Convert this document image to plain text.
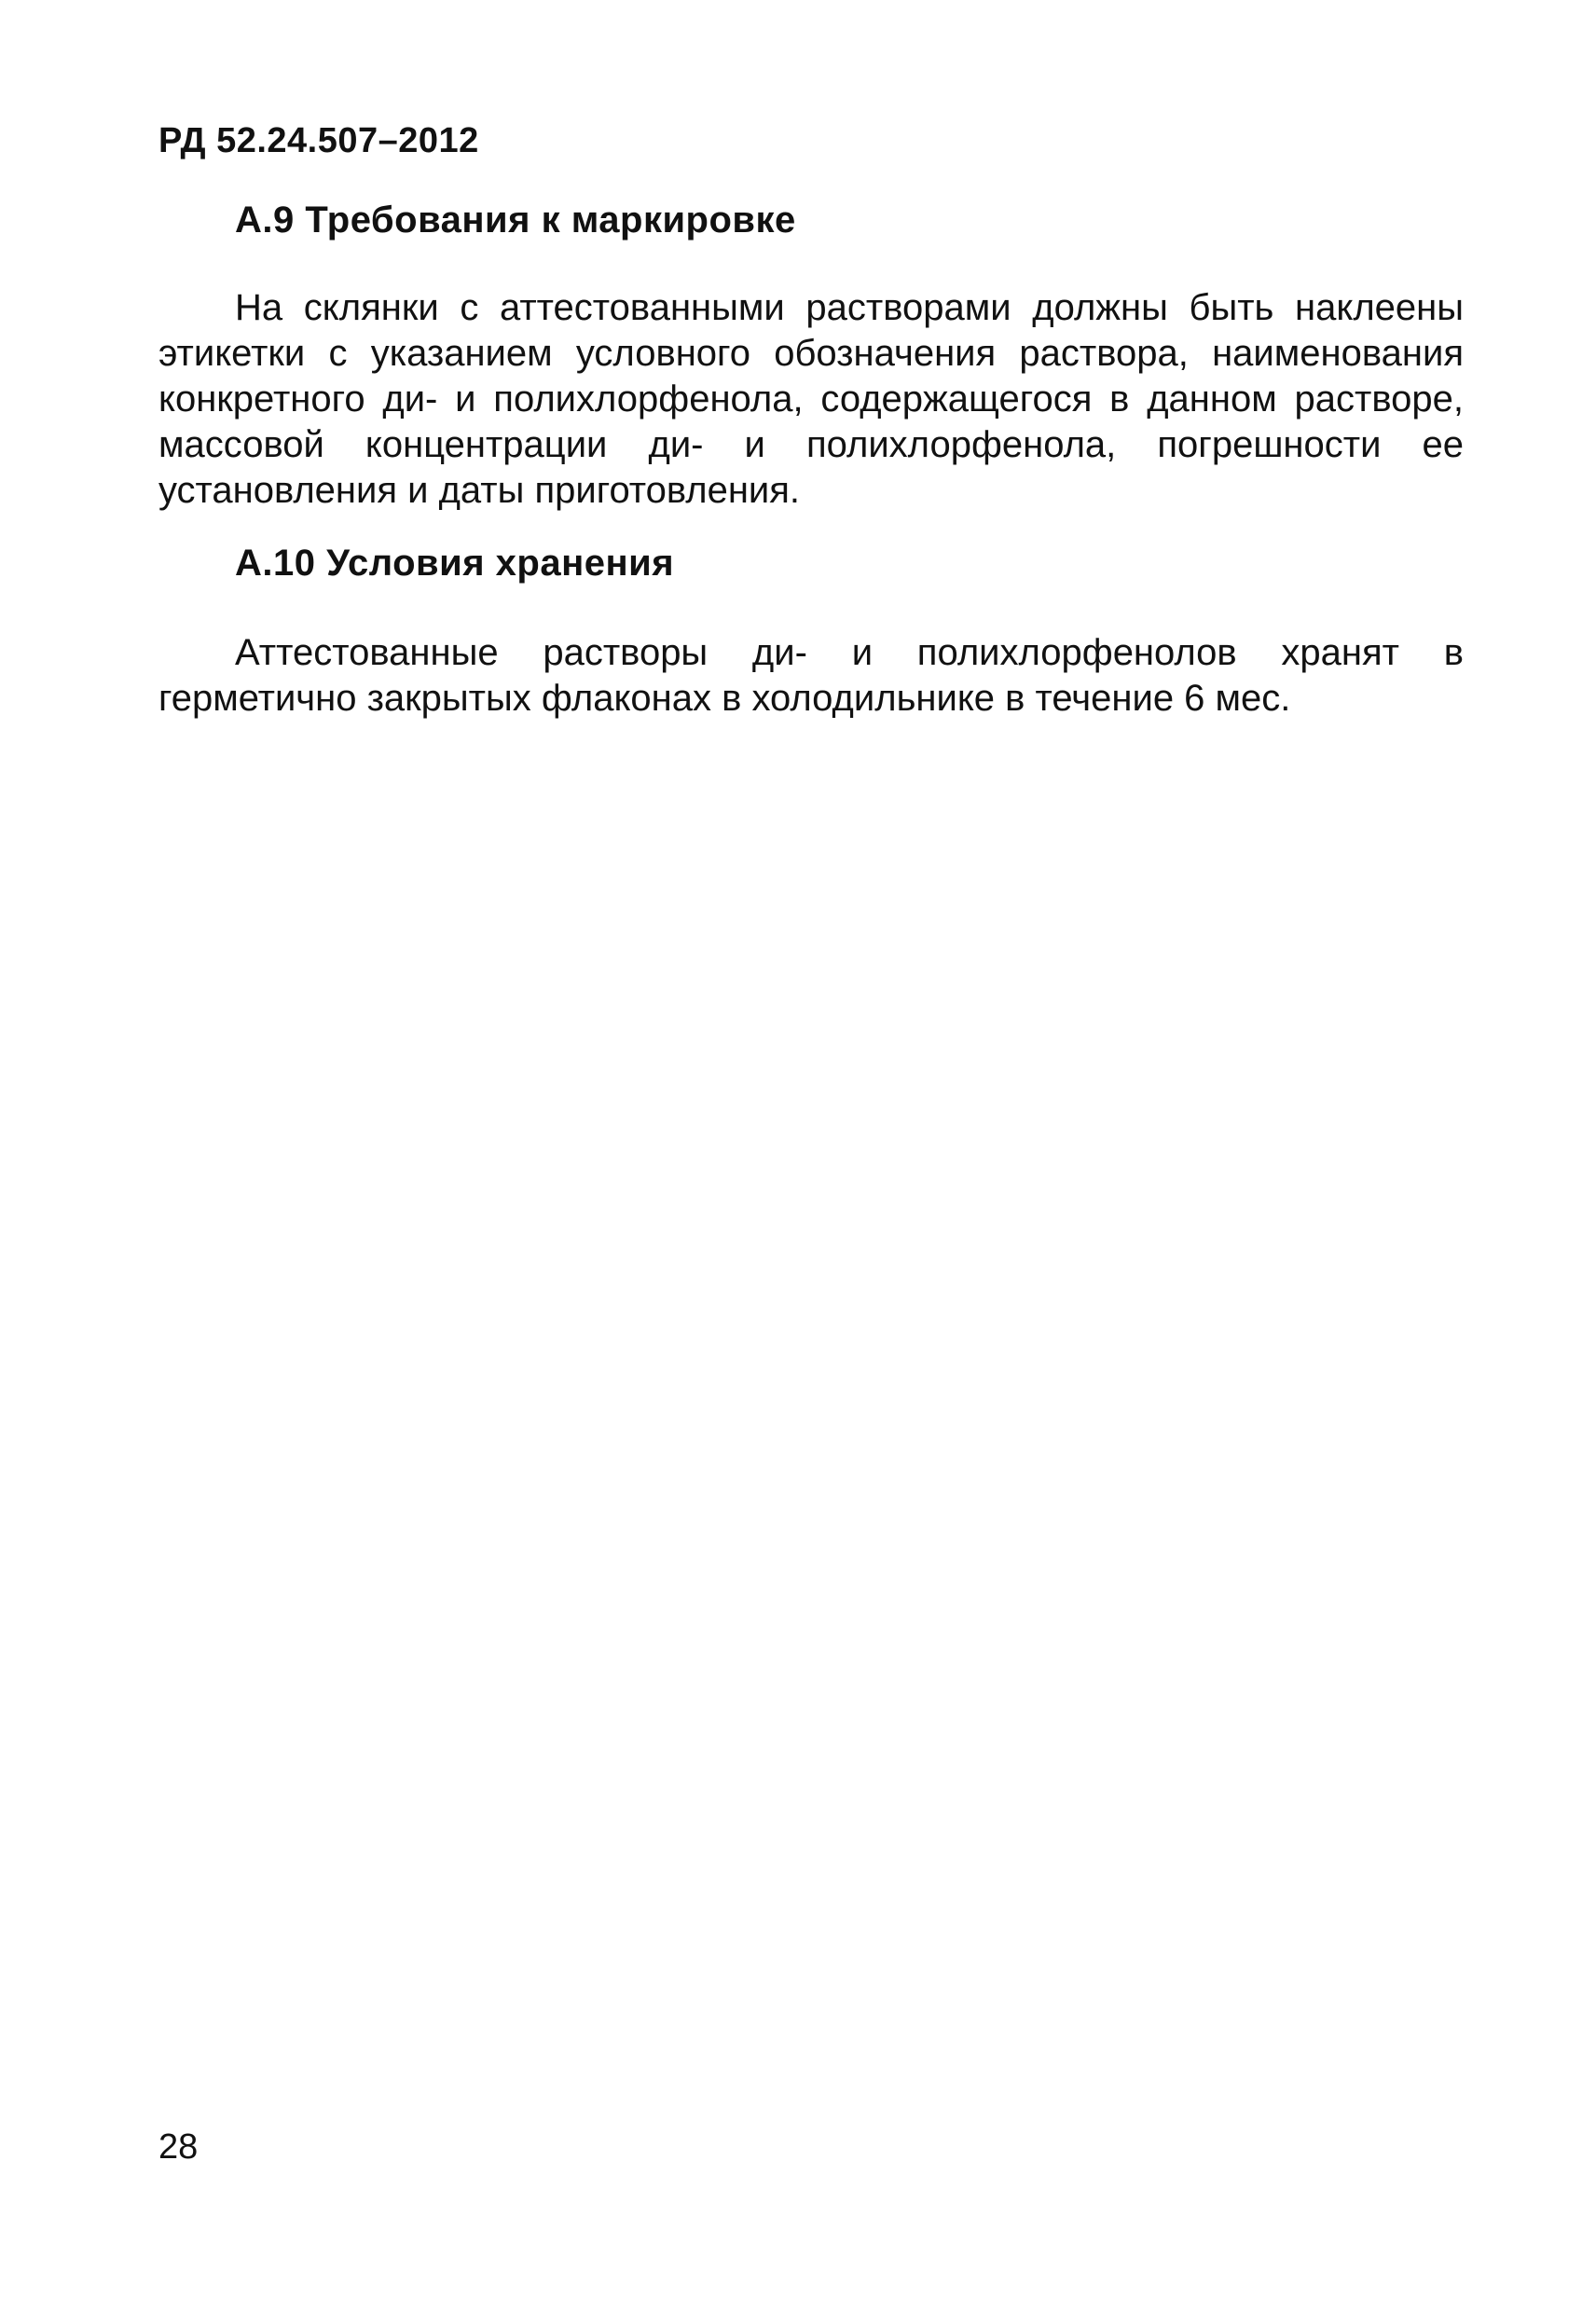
РД 52.24.507–2012
А.9 Требования к маркировке

На склянки с аттестованными растворами должны быть наклеены этикетки с указанием условного обозначения раствора, наименования конкретного ди- и полихлорфенола, содержащегося в данном растворе, массовой концентрации ди- и полихлорфенола, погрешности ее установления и даты приготовления.

А.10 Условия хранения

Аттестованные растворы ди- и полихлорфенолов хранят в герметично закрытых флаконах в холодильнике в течение 6 мес.

28
